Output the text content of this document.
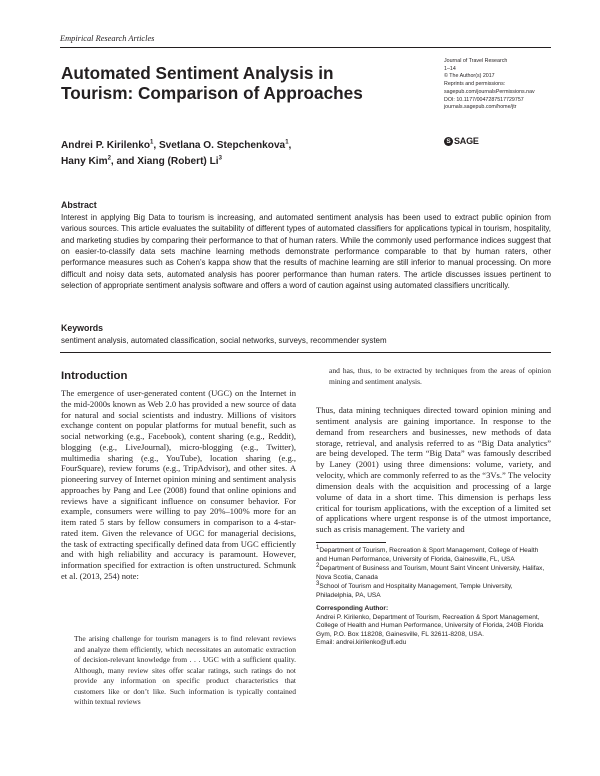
Empirical Research Articles
Automated Sentiment Analysis in Tourism: Comparison of Approaches
Journal of Travel Research
1–14
© The Author(s) 2017
Reprints and permissions:
sagepub.com/journalsPermissions.nav
DOI: 10.1177/0047287517729757
journals.sagepub.com/home/jtr
S SAGE
Andrei P. Kirilenko$^1$, Svetlana O. Stepchenkova$^1$,
Hany Kim$^2$, and Xiang (Robert) Li$^3$
Abstract
Interest in applying Big Data to tourism is increasing, and automated sentiment analysis has been used to extract public opinion from various sources. This article evaluates the suitability of different types of automated classifiers for applications typical in tourism, hospitality, and marketing studies by comparing their performance to that of human raters. While the commonly used performance indices suggest that on easier-to-classify data sets machine learning methods demonstrate performance comparable to that by human raters, other performance measures such as Cohen’s kappa show that the results of machine learning are still inferior to manual processing. On more difficult and noisy data sets, automated analysis has poorer performance than human raters. The article discusses issues pertinent to selection of appropriate sentiment analysis software and offers a word of caution against using automated classifiers uncritically.
Keywords
sentiment analysis, automated classification, social networks, surveys, recommender system
Introduction
The emergence of user-generated content (UGC) on the Internet in the mid-2000s known as Web 2.0 has provided a new source of data for natural and social scientists and industry. Millions of visitors exchange content on popular platforms for mutual benefit, such as social networking (e.g., Facebook), content sharing (e.g., Reddit), blogging (e.g., LiveJournal), micro-blogging (e.g., Twitter), multimedia sharing (e.g., YouTube), location sharing (e.g., FourSquare), review forums (e.g., TripAdvisor), and other sites. A pioneering survey of Internet opinion mining and sentiment analysis approaches by Pang and Lee (2008) found that online opinions and reviews have a significant influence on consumer behavior. For example, consumers were willing to pay 20%–100% more for an item rated 5 stars by fellow consumers in comparison to a 4-star-rated item. Given the relevance of UGC for managerial decisions, the task of extracting specifically defined data from UGC efficiently and with high reliability and accuracy is paramount. However, information specified for extraction is often unstructured. Schmunk et al. (2013, 254) note:
The arising challenge for tourism managers is to find relevant reviews and analyze them efficiently, which necessitates an automatic extraction of decision-relevant knowledge from . . . UGC with a sufficient quality. Although, many review sites offer scalar ratings, such ratings do not provide any information on specific product characteristics that customers like or don’t like. Such information is typically contained within textual reviews
and has, thus, to be extracted by techniques from the areas of opinion mining and sentiment analysis.
Thus, data mining techniques directed toward opinion mining and sentiment analysis are gaining importance. In response to the demand from researchers and businesses, new methods of data storage, retrieval, and analysis referred to as “Big Data analytics” are being developed. The term “Big Data” was famously described by Laney (2001) using three dimensions: volume, variety, and velocity, which are commonly referred to as the “3Vs.” The velocity dimension deals with the acquisition and processing of a large volume of data in a short time. This dimension is perhaps less critical for tourism applications, with the exception of a limited set of applications where urgent response is of the utmost importance, such as crisis management. The variety and
1Department of Tourism, Recreation & Sport Management, College of Health and Human Performance, University of Florida, Gainesville, FL, USA
2Department of Business and Tourism, Mount Saint Vincent University, Halifax, Nova Scotia, Canada
3School of Tourism and Hospitality Management, Temple University, Philadelphia, PA, USA
Corresponding Author:
Andrei P. Kirilenko, Department of Tourism, Recreation & Sport Management, College of Health and Human Performance, University of Florida, 240B Florida Gym, P.O. Box 118208, Gainesville, FL 32611-8208, USA.
Email: andrei.kirilenko@ufl.edu
